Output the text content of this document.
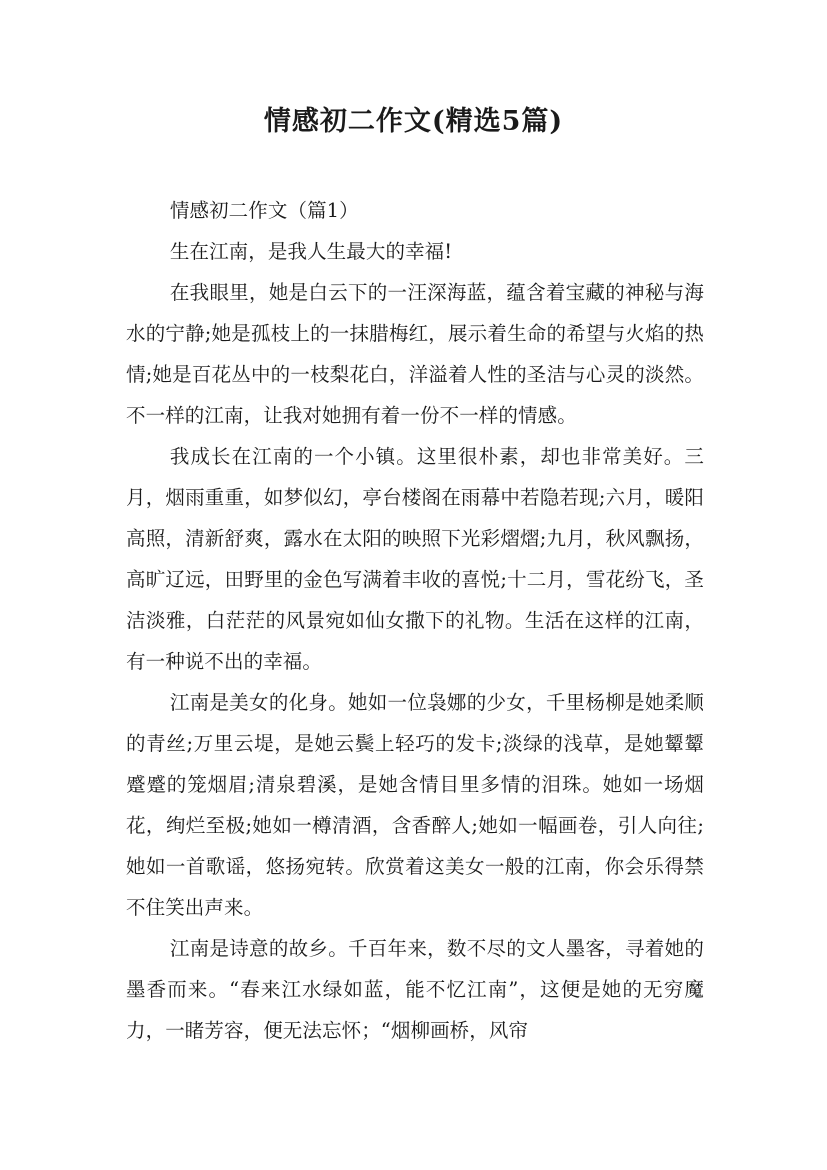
情感初二作文(精选5篇)

情感初二作文（篇1）

生在江南，是我人生最大的幸福!

在我眼里，她是白云下的一汪深海蓝，蕴含着宝藏的神秘与海水的宁静;她是孤枝上的一抹腊梅红，展示着生命的希望与火焰的热情;她是百花丛中的一枝梨花白，洋溢着人性的圣洁与心灵的淡然。不一样的江南，让我对她拥有着一份不一样的情感。

我成长在江南的一个小镇。这里很朴素，却也非常美好。三月，烟雨重重，如梦似幻，亭台楼阁在雨幕中若隐若现;六月，暖阳高照，清新舒爽，露水在太阳的映照下光彩熠熠;九月，秋风飘扬，高旷辽远，田野里的金色写满着丰收的喜悦;十二月，雪花纷飞，圣洁淡雅，白茫茫的风景宛如仙女撒下的礼物。生活在这样的江南，有一种说不出的幸福。

江南是美女的化身。她如一位袅娜的少女，千里杨柳是她柔顺的青丝;万里云堤，是她云鬓上轻巧的发卡;淡绿的浅草，是她颦颦蹙蹙的笼烟眉;清泉碧溪，是她含情目里多情的泪珠。她如一场烟花，绚烂至极;她如一樽清酒，含香醉人;她如一幅画卷，引人向往;她如一首歌谣，悠扬宛转。欣赏着这美女一般的江南，你会乐得禁不住笑出声来。

江南是诗意的故乡。千百年来，数不尽的文人墨客，寻着她的墨香而来。“春来江水绿如蓝，能不忆江南”，这便是她的无穷魔力，一睹芳容，便无法忘怀；“烟柳画桥，风帘
